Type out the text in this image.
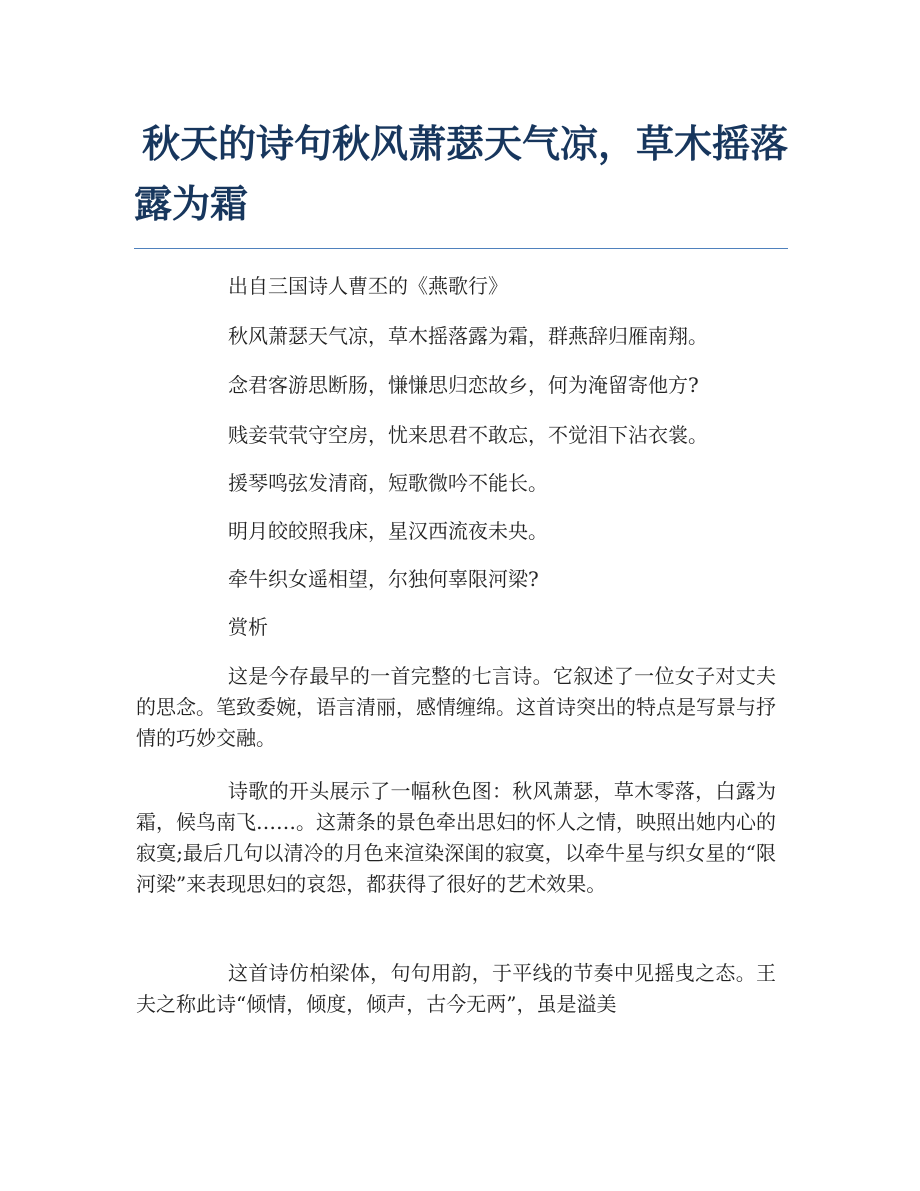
秋天的诗句秋风萧瑟天气凉，草木摇落露为霜

出自三国诗人曹丕的《燕歌行》

秋风萧瑟天气凉，草木摇落露为霜，群燕辞归雁南翔。

念君客游思断肠，慊慊思归恋故乡，何为淹留寄他方?

贱妾茕茕守空房，忧来思君不敢忘，不觉泪下沾衣裳。

援琴鸣弦发清商，短歌微吟不能长。

明月皎皎照我床，星汉西流夜未央。

牵牛织女遥相望，尔独何辜限河梁?

赏析

这是今存最早的一首完整的七言诗。它叙述了一位女子对丈夫的思念。笔致委婉，语言清丽，感情缠绵。这首诗突出的特点是写景与抒情的巧妙交融。

诗歌的开头展示了一幅秋色图：秋风萧瑟，草木零落，白露为霜，候鸟南飞……。这萧条的景色牵出思妇的怀人之情，映照出她内心的寂寞;最后几句以清冷的月色来渲染深闺的寂寞，以牵牛星与织女星的“限河梁”来表现思妇的哀怨，都获得了很好的艺术效果。

这首诗仿柏梁体，句句用韵，于平线的节奏中见摇曳之态。王夫之称此诗“倾情，倾度，倾声，古今无两”，虽是溢美
